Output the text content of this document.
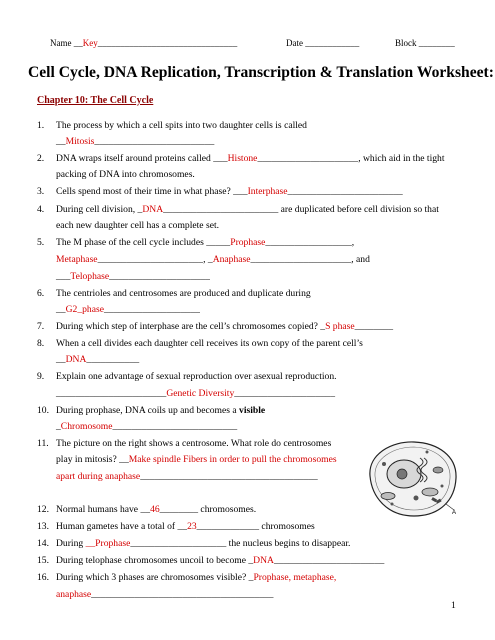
Name __Key_______________________________	Date ____________	Block ________
Cell Cycle, DNA Replication, Transcription & Translation Worksheet:
Chapter 10: The Cell Cycle
1. The process by which a cell spits into two daughter cells is called
__Mitosis_________________________
2. DNA wraps itself around proteins called ___Histone_____________________, which aid in the tight
packing of DNA into chromosomes.
3. Cells spend most of their time in what phase? ___Interphase________________________
4. During cell division, _DNA________________________ are duplicated before cell division so that
each new daughter cell has a complete set.
5. The M phase of the cell cycle includes _____Prophase__________________,
Metaphase______________________, _Anaphase_____________________, and
___Telophase_____________________
6. The centrioles and centrosomes are produced and duplicate during
__G2_phase____________________
7. During which step of interphase are the cell’s chromosomes copied? _S phase________
8. When a cell divides each daughter cell receives its own copy of the parent cell’s
__DNA___________
9. Explain one advantage of sexual reproduction over asexual reproduction.
_______________________Genetic Diversity_____________________
10. During prophase, DNA coils up and becomes a visible
_Chromosome__________________________
11. The picture on the right shows a centrosome. What role do centrosomes
play in mitosis? __Make spindle Fibers in order to pull the chromosomes
apart during anaphase_____________________________________
12. Normal humans have __46________ chromosomes.
13. Human gametes have a total of __23_____________ chromosomes
14. During __Prophase____________________ the nucleus begins to disappear.
15. During telophase chromosomes uncoil to become _DNA_______________________
16. During which 3 phases are chromosomes visible? _Prophase, metaphase,
anaphase______________________________________
A
1
